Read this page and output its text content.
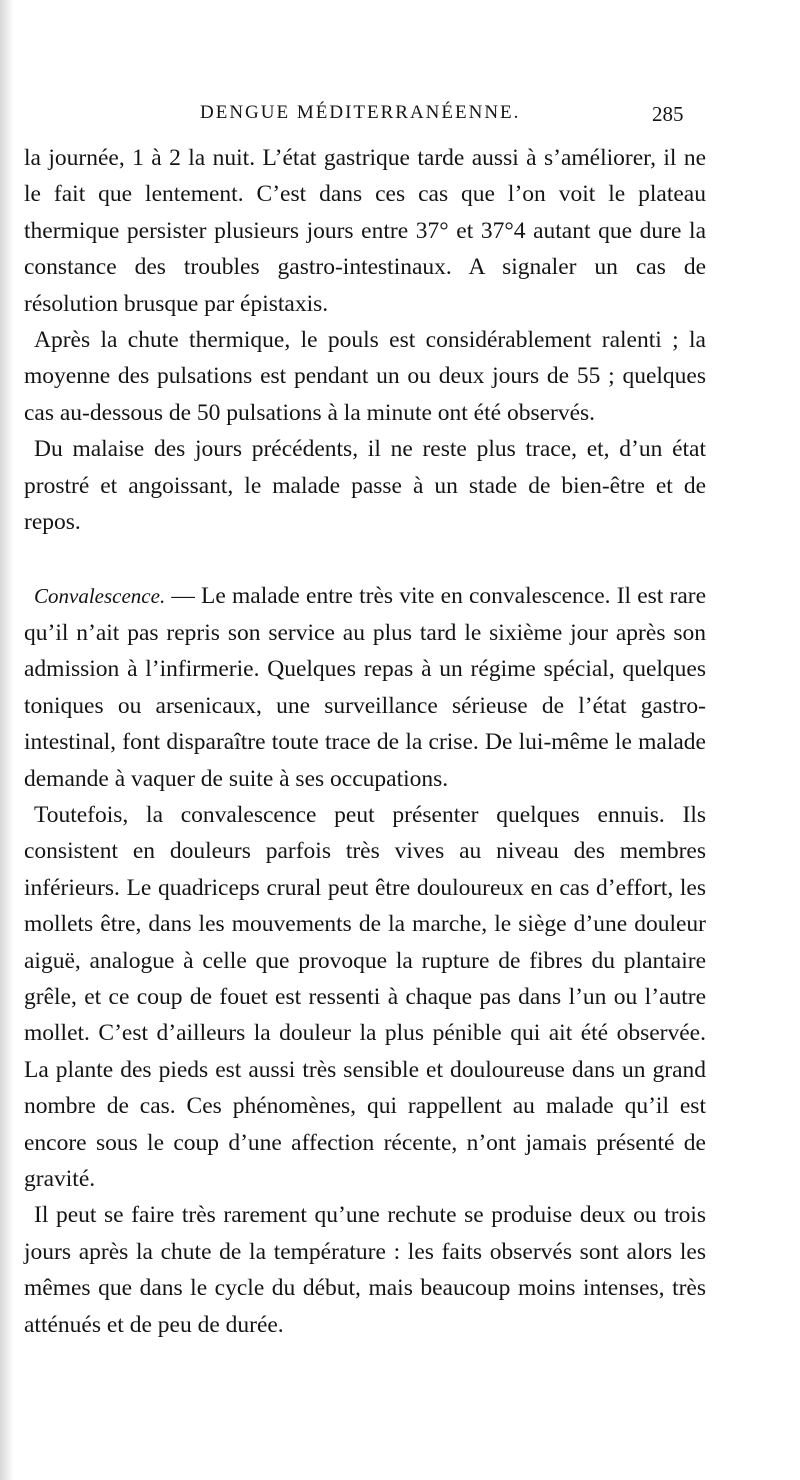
DENGUE MÉDITERRANÉENNE.	285

la journée, 1 à 2 la nuit. L’état gastrique tarde aussi à s’améliorer, il ne le fait que lentement. C’est dans ces cas que l’on voit le plateau thermique persister plusieurs jours entre 37° et 37°4 autant que dure la constance des troubles gastro-intestinaux. A signaler un cas de résolution brusque par épistaxis.

Après la chute thermique, le pouls est considérablement ralenti ; la moyenne des pulsations est pendant un ou deux jours de 55 ; quelques cas au-dessous de 50 pulsations à la minute ont été observés.

Du malaise des jours précédents, il ne reste plus trace, et, d’un état prostré et angoissant, le malade passe à un stade de bien-être et de repos.

Convalescence. — Le malade entre très vite en convalescence. Il est rare qu’il n’ait pas repris son service au plus tard le sixième jour après son admission à l’infirmerie. Quelques repas à un régime spécial, quelques toniques ou arsenicaux, une surveillance sérieuse de l’état gastro-intestinal, font disparaître toute trace de la crise. De lui-même le malade demande à vaquer de suite à ses occupations.

Toutefois, la convalescence peut présenter quelques ennuis. Ils consistent en douleurs parfois très vives au niveau des membres inférieurs. Le quadriceps crural peut être douloureux en cas d’effort, les mollets être, dans les mouvements de la marche, le siège d’une douleur aiguë, analogue à celle que provoque la rupture de fibres du plantaire grêle, et ce coup de fouet est ressenti à chaque pas dans l’un ou l’autre mollet. C’est d’ailleurs la douleur la plus pénible qui ait été observée. La plante des pieds est aussi très sensible et douloureuse dans un grand nombre de cas. Ces phénomènes, qui rappellent au malade qu’il est encore sous le coup d’une affection récente, n’ont jamais présenté de gravité.

Il peut se faire très rarement qu’une rechute se produise deux ou trois jours après la chute de la température : les faits observés sont alors les mêmes que dans le cycle du début, mais beaucoup moins intenses, très atténués et de peu de durée.
